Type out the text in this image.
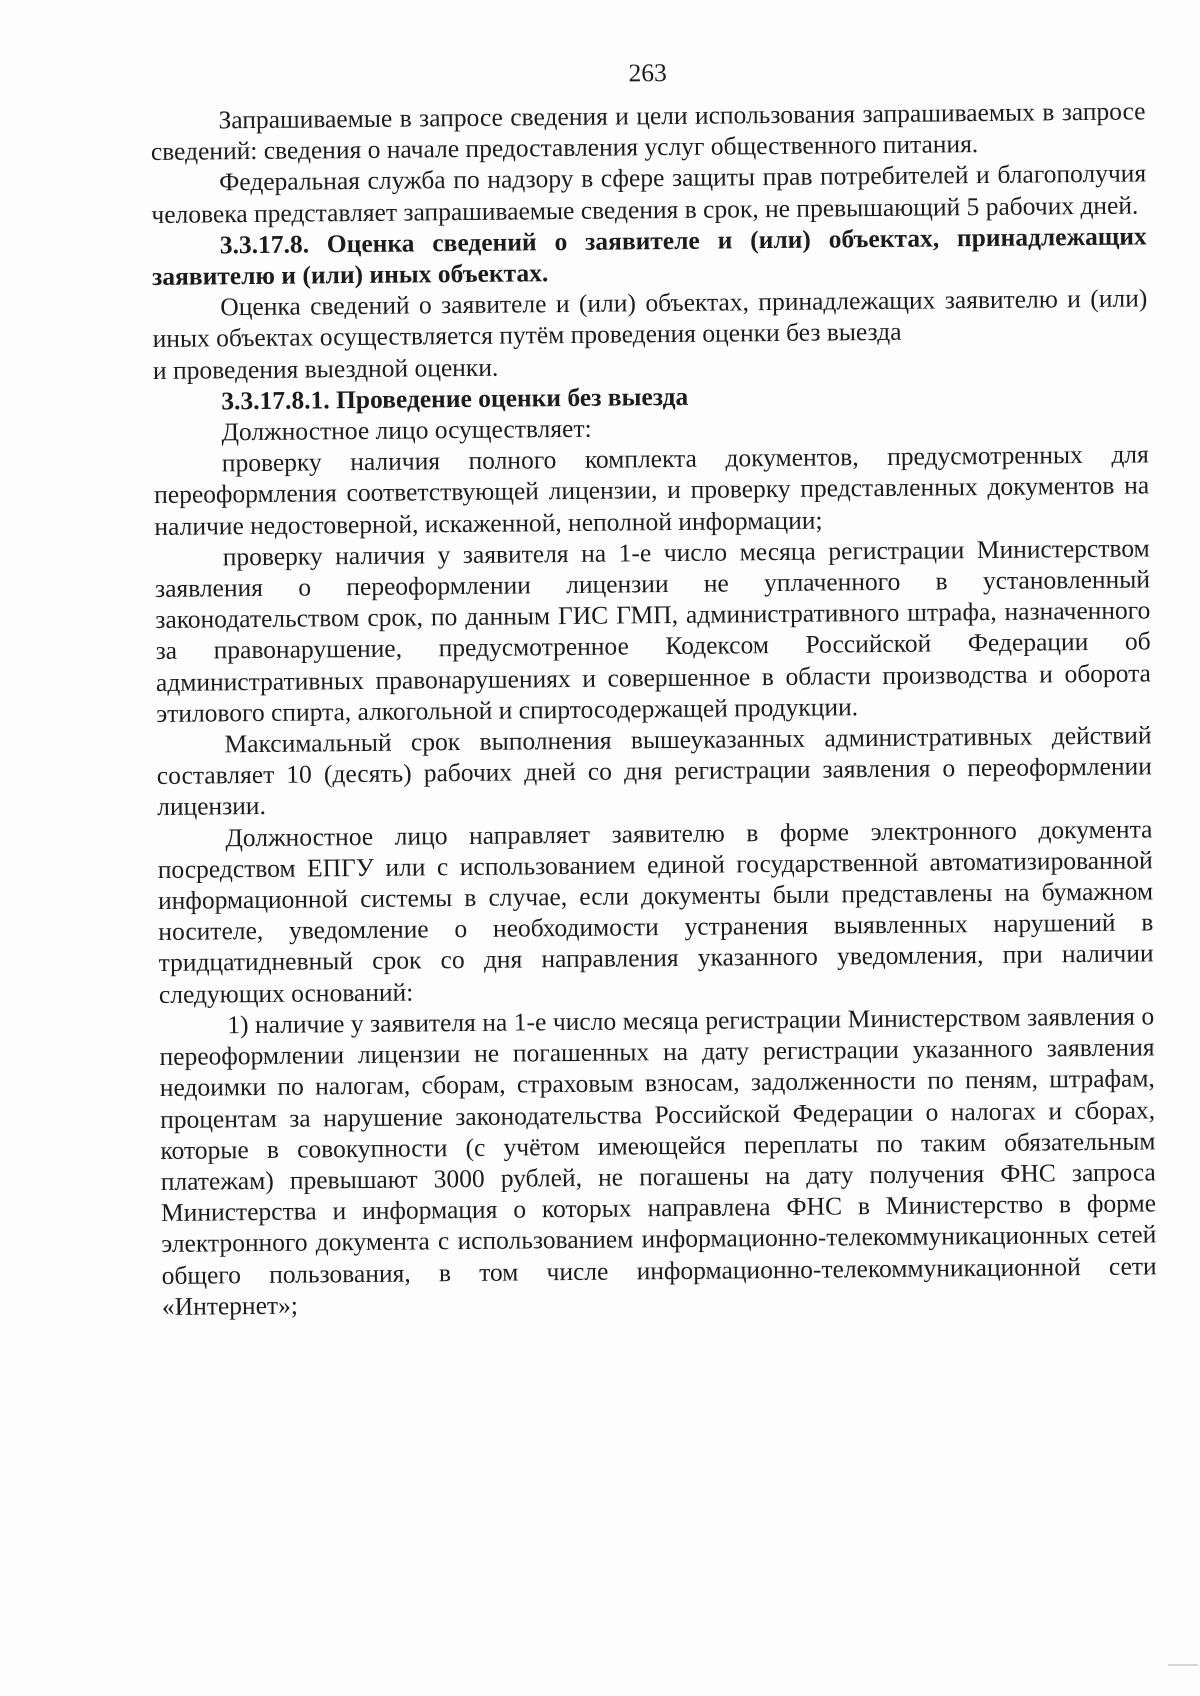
263

Запрашиваемые в запросе сведения и цели использования запрашиваемых в запросе сведений: сведения о начале предоставления услуг общественного питания.

Федеральная служба по надзору в сфере защиты прав потребителей и благополучия человека представляет запрашиваемые сведения в срок, не превышающий 5 рабочих дней.

3.3.17.8. Оценка сведений о заявителе и (или) объектах, принадлежащих заявителю и (или) иных объектах.

Оценка сведений о заявителе и (или) объектах, принадлежащих заявителю и (или) иных объектах осуществляется путём проведения оценки без выезда

и проведения выездной оценки.

3.3.17.8.1. Проведение оценки без выезда

Должностное лицо осуществляет:

проверку наличия полного комплекта документов, предусмотренных для переоформления соответствующей лицензии, и проверку представленных документов на наличие недостоверной, искаженной, неполной информации;

проверку наличия у заявителя на 1-е число месяца регистрации Министерством заявления о переоформлении лицензии не уплаченного в установленный законодательством срок, по данным ГИС ГМП, административного штрафа, назначенного за правонарушение, предусмотренное Кодексом Российской Федерации об административных правонарушениях и совершенное в области производства и оборота этилового спирта, алкогольной и спиртосодержащей продукции.

Максимальный срок выполнения вышеуказанных административных действий составляет 10 (десять) рабочих дней со дня регистрации заявления о переоформлении лицензии.

Должностное лицо направляет заявителю в форме электронного документа посредством ЕПГУ или с использованием единой государственной автоматизированной информационной системы в случае, если документы были представлены на бумажном носителе, уведомление о необходимости устранения выявленных нарушений в тридцатидневный срок со дня направления указанного уведомления, при наличии следующих оснований:

1) наличие у заявителя на 1-е число месяца регистрации Министерством заявления о переоформлении лицензии не погашенных на дату регистрации указанного заявления недоимки по налогам, сборам, страховым взносам, задолженности по пеням, штрафам, процентам за нарушение законодательства Российской Федерации о налогах и сборах, которые в совокупности (с учётом имеющейся переплаты по таким обязательным платежам) превышают 3000 рублей, не погашены на дату получения ФНС запроса Министерства и информация о которых направлена ФНС в Министерство в форме электронного документа с использованием информационно-телекоммуникационных сетей общего пользования, в том числе информационно-телекоммуникационной сети «Интернет»;
